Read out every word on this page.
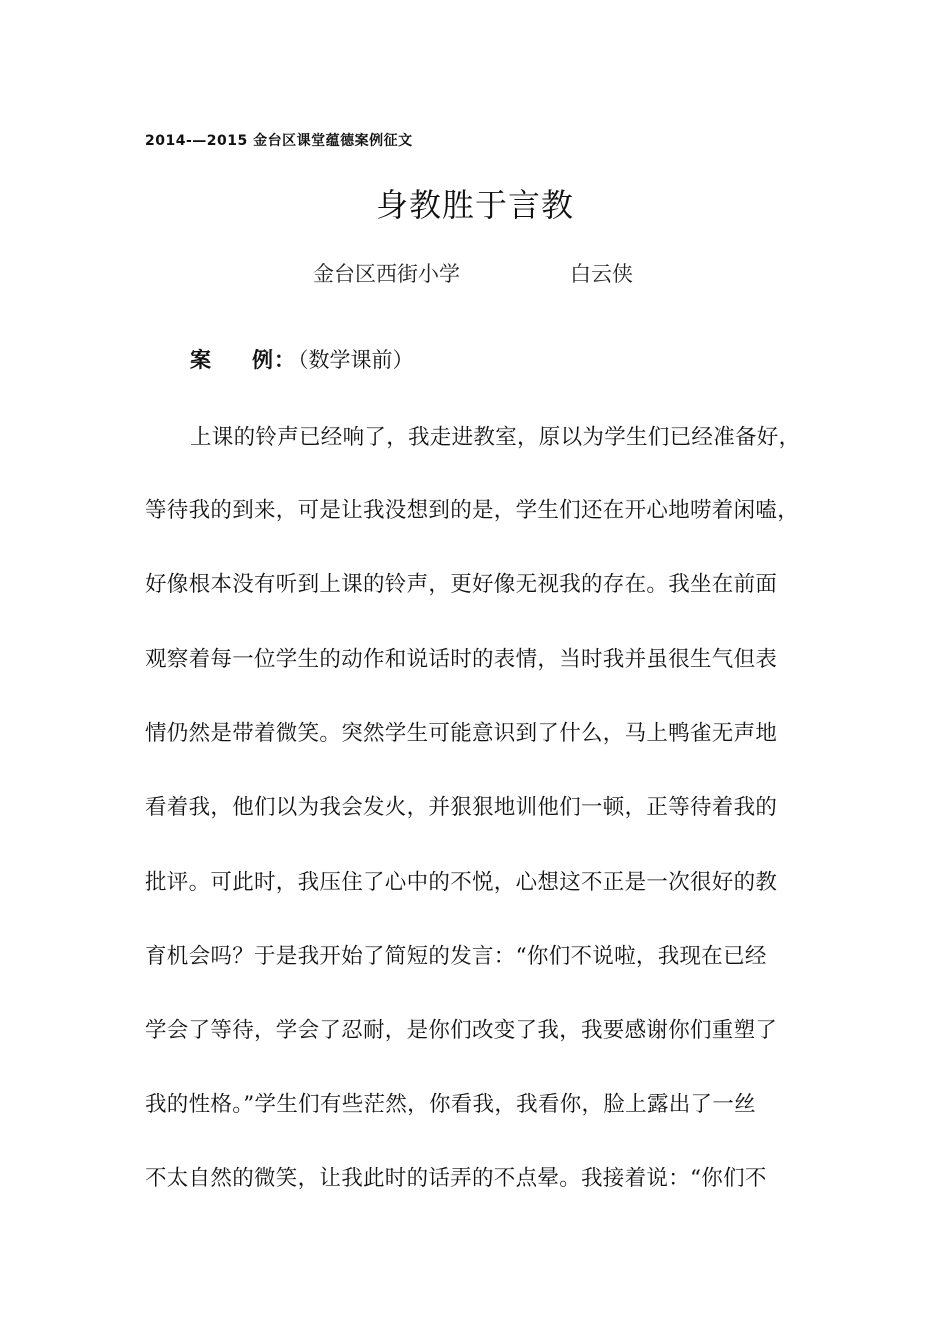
2014-—2015 金台区课堂蕴德案例征文
身教胜于言教
金台区西街小学	白云侠
案 例：（数学课前）
上课的铃声已经响了，我走进教室，原以为学生们已经准备好，
等待我的到来，可是让我没想到的是，学生们还在开心地唠着闲嗑，
好像根本没有听到上课的铃声，更好像无视我的存在。我坐在前面
观察着每一位学生的动作和说话时的表情，当时我并虽很生气但表
情仍然是带着微笑。突然学生可能意识到了什么，马上鸭雀无声地
看着我，他们以为我会发火，并狠狠地训他们一顿，正等待着我的
批评。可此时，我压住了心中的不悦，心想这不正是一次很好的教
育机会吗？于是我开始了简短的发言：“你们不说啦，我现在已经
学会了等待，学会了忍耐，是你们改变了我，我要感谢你们重塑了
我的性格。”学生们有些茫然，你看我，我看你，脸上露出了一丝
不太自然的微笑，让我此时的话弄的不点晕。我接着说：“你们不
